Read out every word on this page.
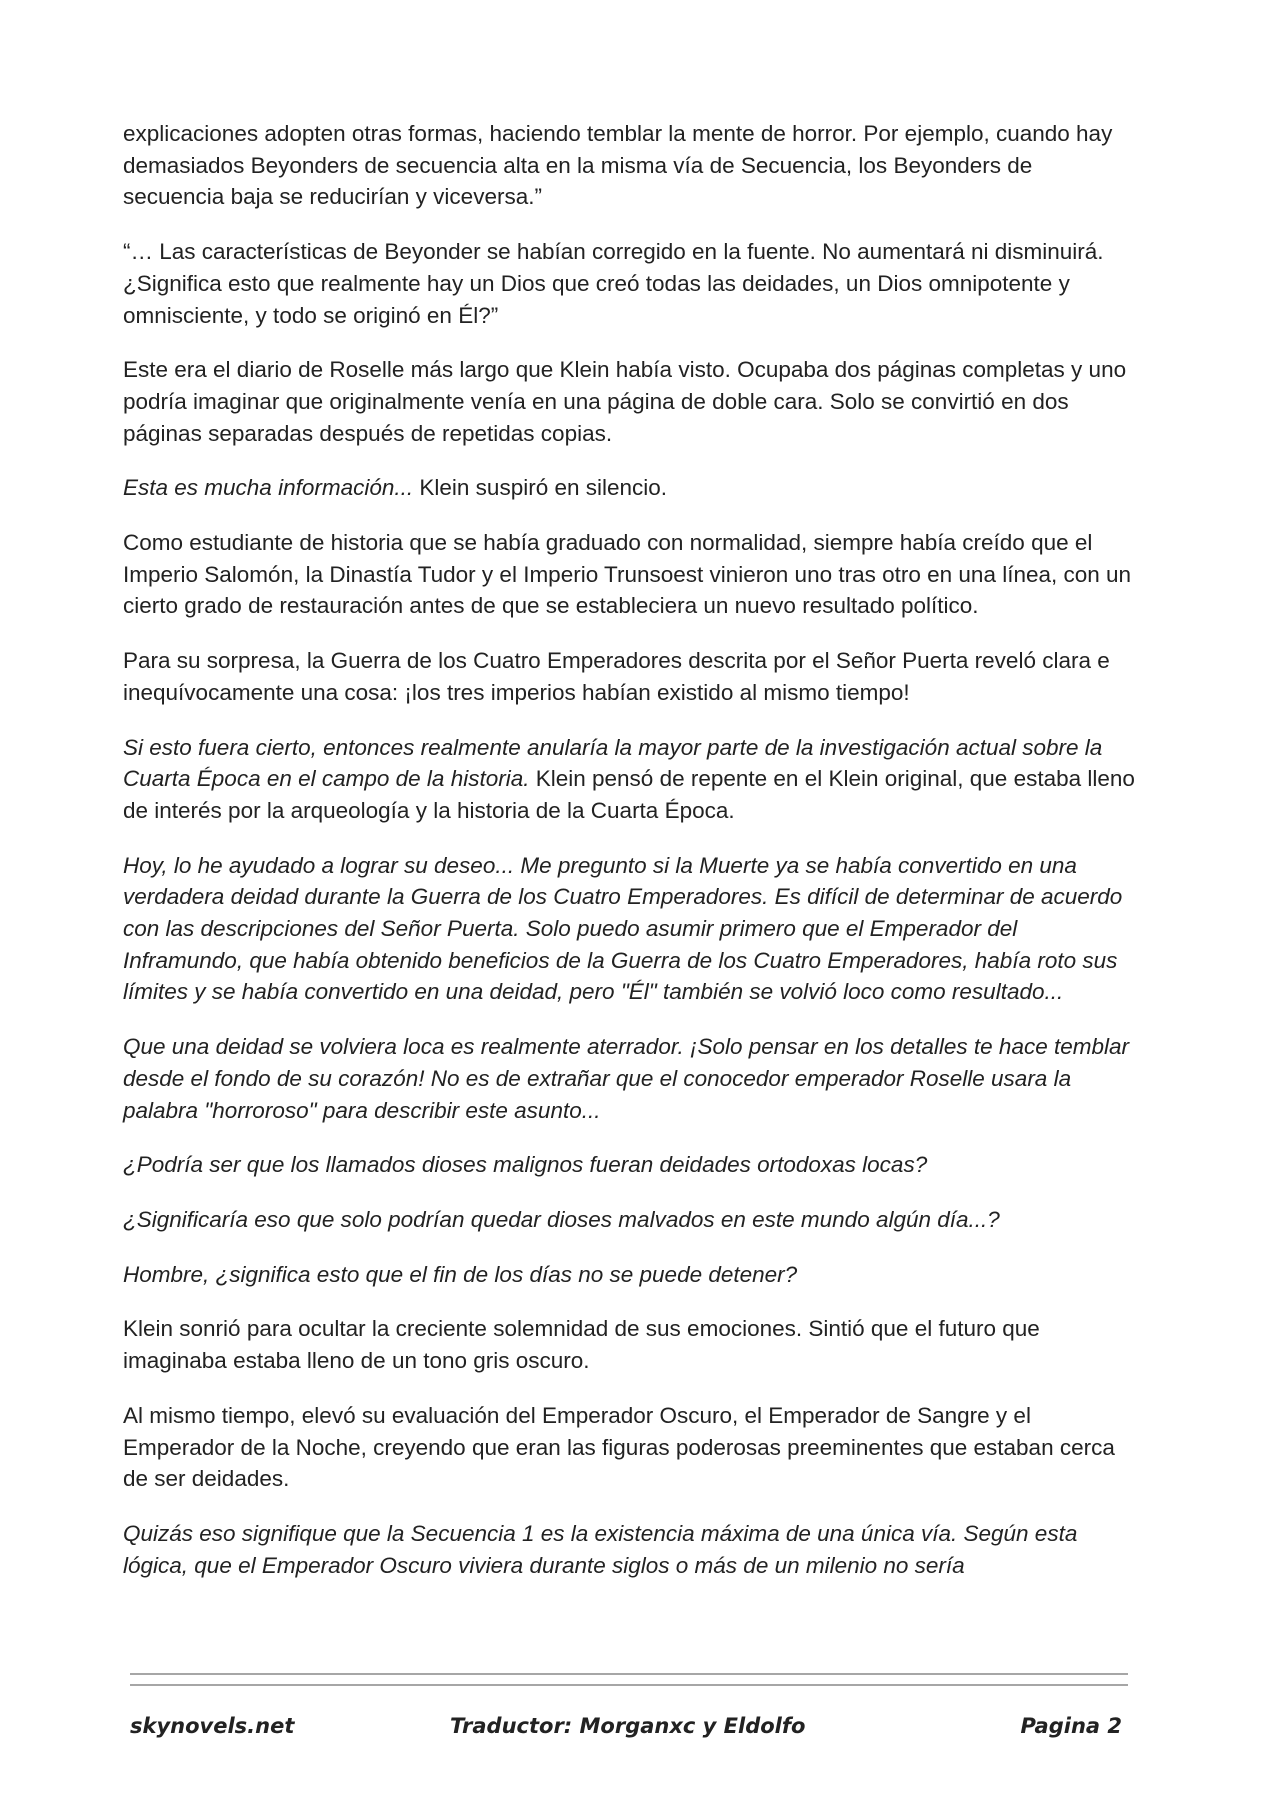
explicaciones adopten otras formas, haciendo temblar la mente de horror. Por ejemplo, cuando hay demasiados Beyonders de secuencia alta en la misma vía de Secuencia, los Beyonders de secuencia baja se reducirían y viceversa.”

“… Las características de Beyonder se habían corregido en la fuente. No aumentará ni disminuirá. ¿Significa esto que realmente hay un Dios que creó todas las deidades, un Dios omnipotente y omnisciente, y todo se originó en Él?”

Este era el diario de Roselle más largo que Klein había visto. Ocupaba dos páginas completas y uno podría imaginar que originalmente venía en una página de doble cara. Solo se convirtió en dos páginas separadas después de repetidas copias.

Esta es mucha información... Klein suspiró en silencio.

Como estudiante de historia que se había graduado con normalidad, siempre había creído que el Imperio Salomón, la Dinastía Tudor y el Imperio Trunsoest vinieron uno tras otro en una línea, con un cierto grado de restauración antes de que se estableciera un nuevo resultado político.

Para su sorpresa, la Guerra de los Cuatro Emperadores descrita por el Señor Puerta reveló clara e inequívocamente una cosa: ¡los tres imperios habían existido al mismo tiempo!

Si esto fuera cierto, entonces realmente anularía la mayor parte de la investigación actual sobre la Cuarta Época en el campo de la historia. Klein pensó de repente en el Klein original, que estaba lleno de interés por la arqueología y la historia de la Cuarta Época.

Hoy, lo he ayudado a lograr su deseo... Me pregunto si la Muerte ya se había convertido en una verdadera deidad durante la Guerra de los Cuatro Emperadores. Es difícil de determinar de acuerdo con las descripciones del Señor Puerta. Solo puedo asumir primero que el Emperador del Inframundo, que había obtenido beneficios de la Guerra de los Cuatro Emperadores, había roto sus límites y se había convertido en una deidad, pero "Él" también se volvió loco como resultado...

Que una deidad se volviera loca es realmente aterrador. ¡Solo pensar en los detalles te hace temblar desde el fondo de su corazón! No es de extrañar que el conocedor emperador Roselle usara la palabra "horroroso" para describir este asunto...

¿Podría ser que los llamados dioses malignos fueran deidades ortodoxas locas?

¿Significaría eso que solo podrían quedar dioses malvados en este mundo algún día...?

Hombre, ¿significa esto que el fin de los días no se puede detener?

Klein sonrió para ocultar la creciente solemnidad de sus emociones. Sintió que el futuro que imaginaba estaba lleno de un tono gris oscuro.

Al mismo tiempo, elevó su evaluación del Emperador Oscuro, el Emperador de Sangre y el Emperador de la Noche, creyendo que eran las figuras poderosas preeminentes que estaban cerca de ser deidades.

Quizás eso signifique que la Secuencia 1 es la existencia máxima de una única vía. Según esta lógica, que el Emperador Oscuro viviera durante siglos o más de un milenio no sería

skynovels.net	Traductor: Morganxc y Eldolfo	Pagina 2
